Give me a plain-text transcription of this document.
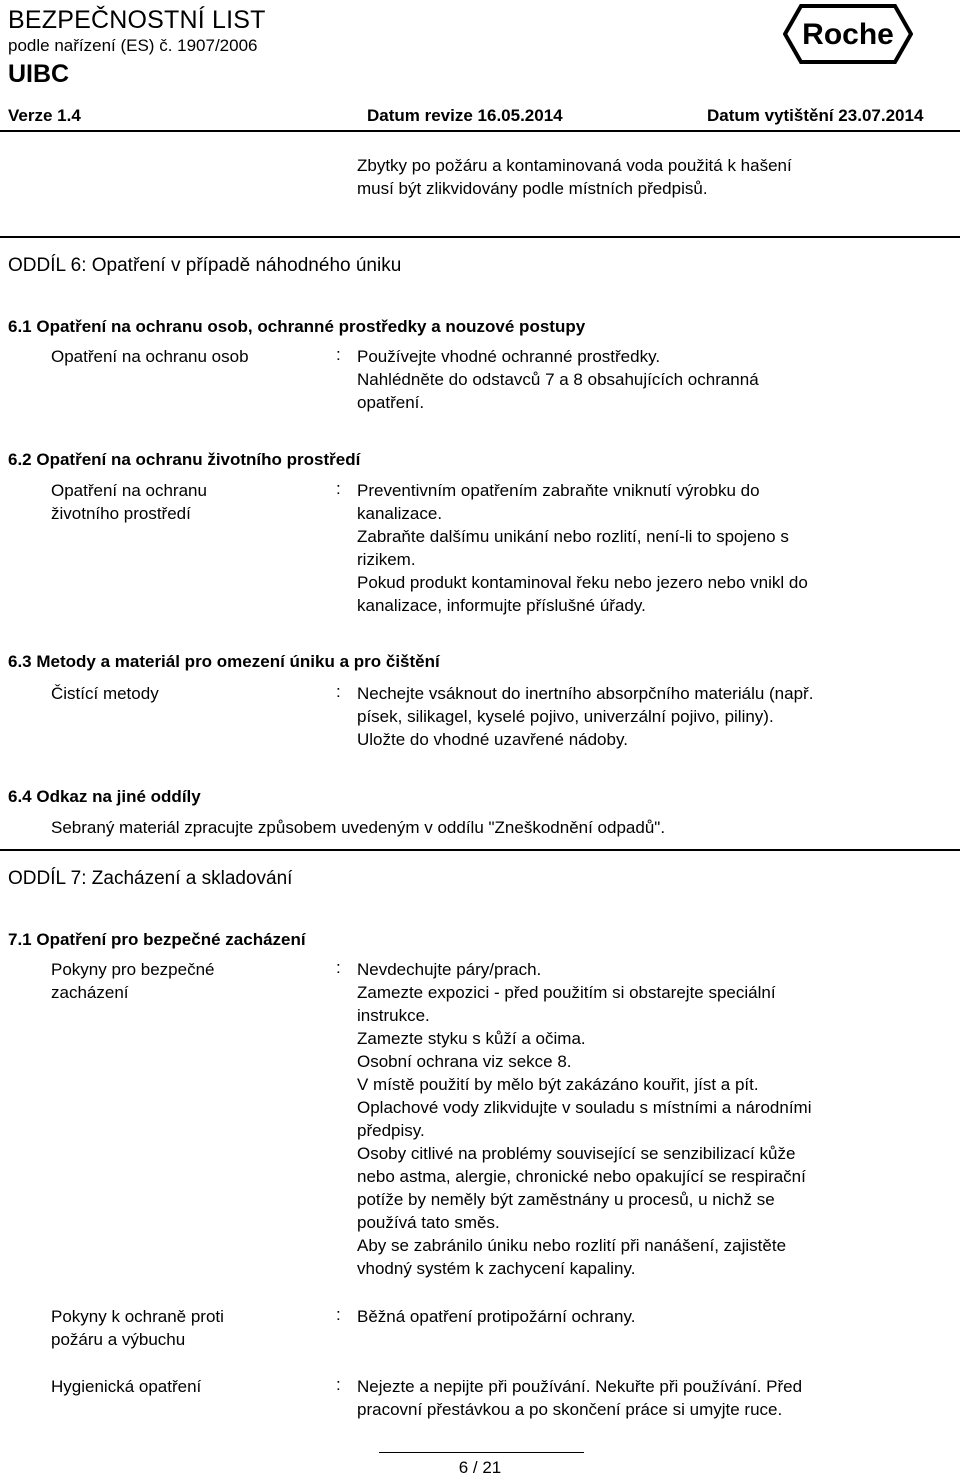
BEZPEČNOSTNÍ LIST
podle nařízení (ES) č. 1907/2006
UIBC
Roche
Verze 1.4	Datum revize 16.05.2014	Datum vytištění 23.07.2014
Zbytky po požáru a kontaminovaná voda použitá k hašení
musí být zlikvidovány podle místních předpisů.
ODDÍL 6: Opatření v případě náhodného úniku
6.1 Opatření na ochranu osob, ochranné prostředky a nouzové postupy
Opatření na ochranu osob	: Používejte vhodné ochranné prostředky.
Nahlédněte do odstavců 7 a 8 obsahujících ochranná
opatření.
6.2 Opatření na ochranu životního prostředí
Opatření na ochranu
životního prostředí
: Preventivním opatřením zabraňte vniknutí výrobku do
kanalizace.
Zabraňte dalšímu unikání nebo rozlití, není-li to spojeno s
rizikem.
Pokud produkt kontaminoval řeku nebo jezero nebo vnikl do
kanalizace, informujte příslušné úřady.
6.3 Metody a materiál pro omezení úniku a pro čištění
Čistící metody	: Nechejte vsáknout do inertního absorpčního materiálu (např.
písek, silikagel, kyselé pojivo, univerzální pojivo, piliny).
Uložte do vhodné uzavřené nádoby.
6.4 Odkaz na jiné oddíly
Sebraný materiál zpracujte způsobem uvedeným v oddílu "Zneškodnění odpadů".
ODDÍL 7: Zacházení a skladování
7.1 Opatření pro bezpečné zacházení
Pokyny pro bezpečné
zacházení
: Nevdechujte páry/prach.
Zamezte expozici - před použitím si obstarejte speciální
instrukce.
Zamezte styku s kůží a očima.
Osobní ochrana viz sekce 8.
V místě použití by mělo být zakázáno kouřit, jíst a pít.
Oplachové vody zlikvidujte v souladu s místními a národními
předpisy.
Osoby citlivé na problémy související se senzibilizací kůže
nebo astma, alergie, chronické nebo opakující se respirační
potíže by neměly být zaměstnány u procesů, u nichž se
používá tato směs.
Aby se zabránilo úniku nebo rozlití při nanášení, zajistěte
vhodný systém k zachycení kapaliny.
Pokyny k ochraně proti
požáru a výbuchu
: Běžná opatření protipožární ochrany.
Hygienická opatření	: Nejezte a nepijte při používání. Nekuřte při používání. Před
pracovní přestávkou a po skončení práce si umyjte ruce.
6 / 21
